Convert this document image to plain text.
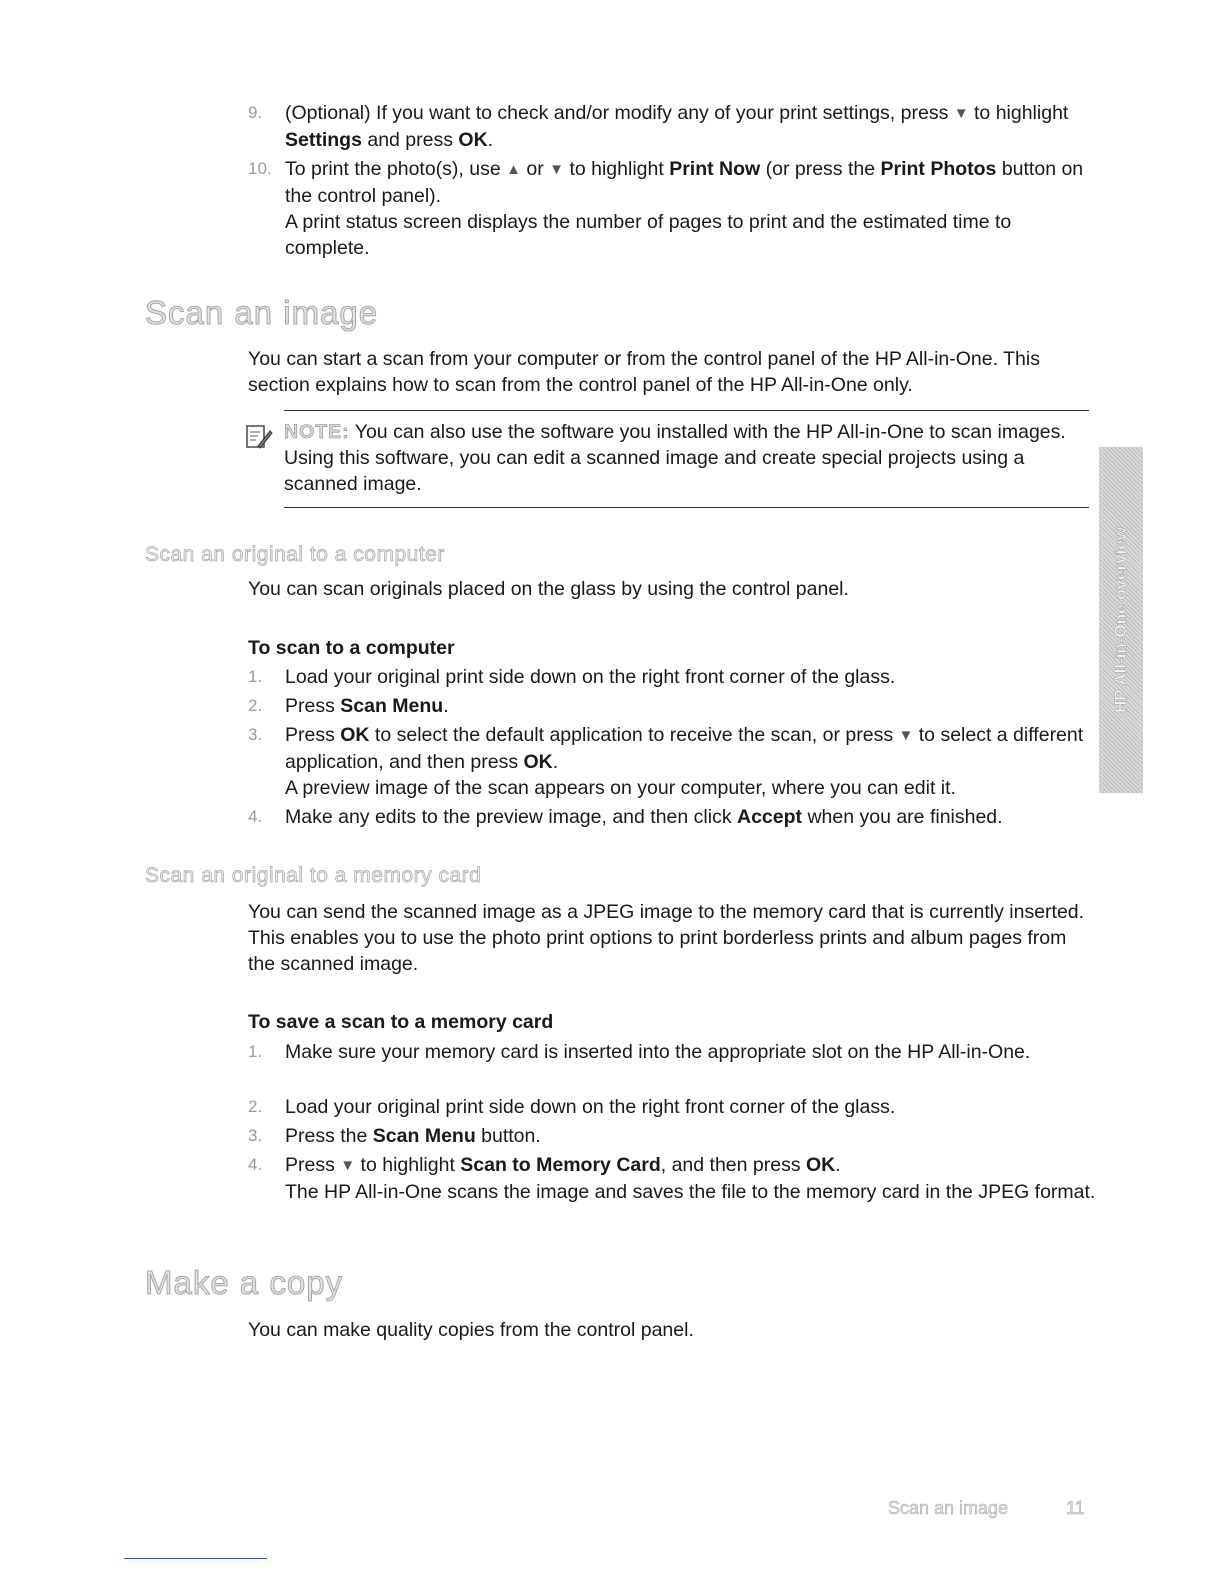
9. (Optional) If you want to check and/or modify any of your print settings, press ▼ to highlight Settings and press OK.
10. To print the photo(s), use ▲ or ▼ to highlight Print Now (or press the Print Photos button on the control panel).

A print status screen displays the number of pages to print and the estimated time to complete.

Scan an image

You can start a scan from your computer or from the control panel of the HP All-in-One. This section explains how to scan from the control panel of the HP All-in-One only.

NOTE: You can also use the software you installed with the HP All-in-One to scan images. Using this software, you can edit a scanned image and create special projects using a scanned image.
Scan an original to a computer

You can scan originals placed on the glass by using the control panel.

To scan to a computer

1. Load your original print side down on the right front corner of the glass.
2. Press Scan Menu.
3. Press OK to select the default application to receive the scan, or press ▼ to select a different application, and then press OK.

A preview image of the scan appears on your computer, where you can edit it.

4. Make any edits to the preview image, and then click Accept when you are finished.
Scan an original to a memory card

You can send the scanned image as a JPEG image to the memory card that is currently inserted. This enables you to use the photo print options to print borderless prints and album pages from the scanned image.

To save a scan to a memory card

1. Make sure your memory card is inserted into the appropriate slot on the HP All-in-One.
2. Load your original print side down on the right front corner of the glass.
3. Press the Scan Menu button.
4. Press ▼ to highlight Scan to Memory Card, and then press OK.

The HP All-in-One scans the image and saves the file to the memory card in the JPEG format.

Make a copy

You can make quality copies from the control panel.

HP All-in-One overview
Scan an image	11
